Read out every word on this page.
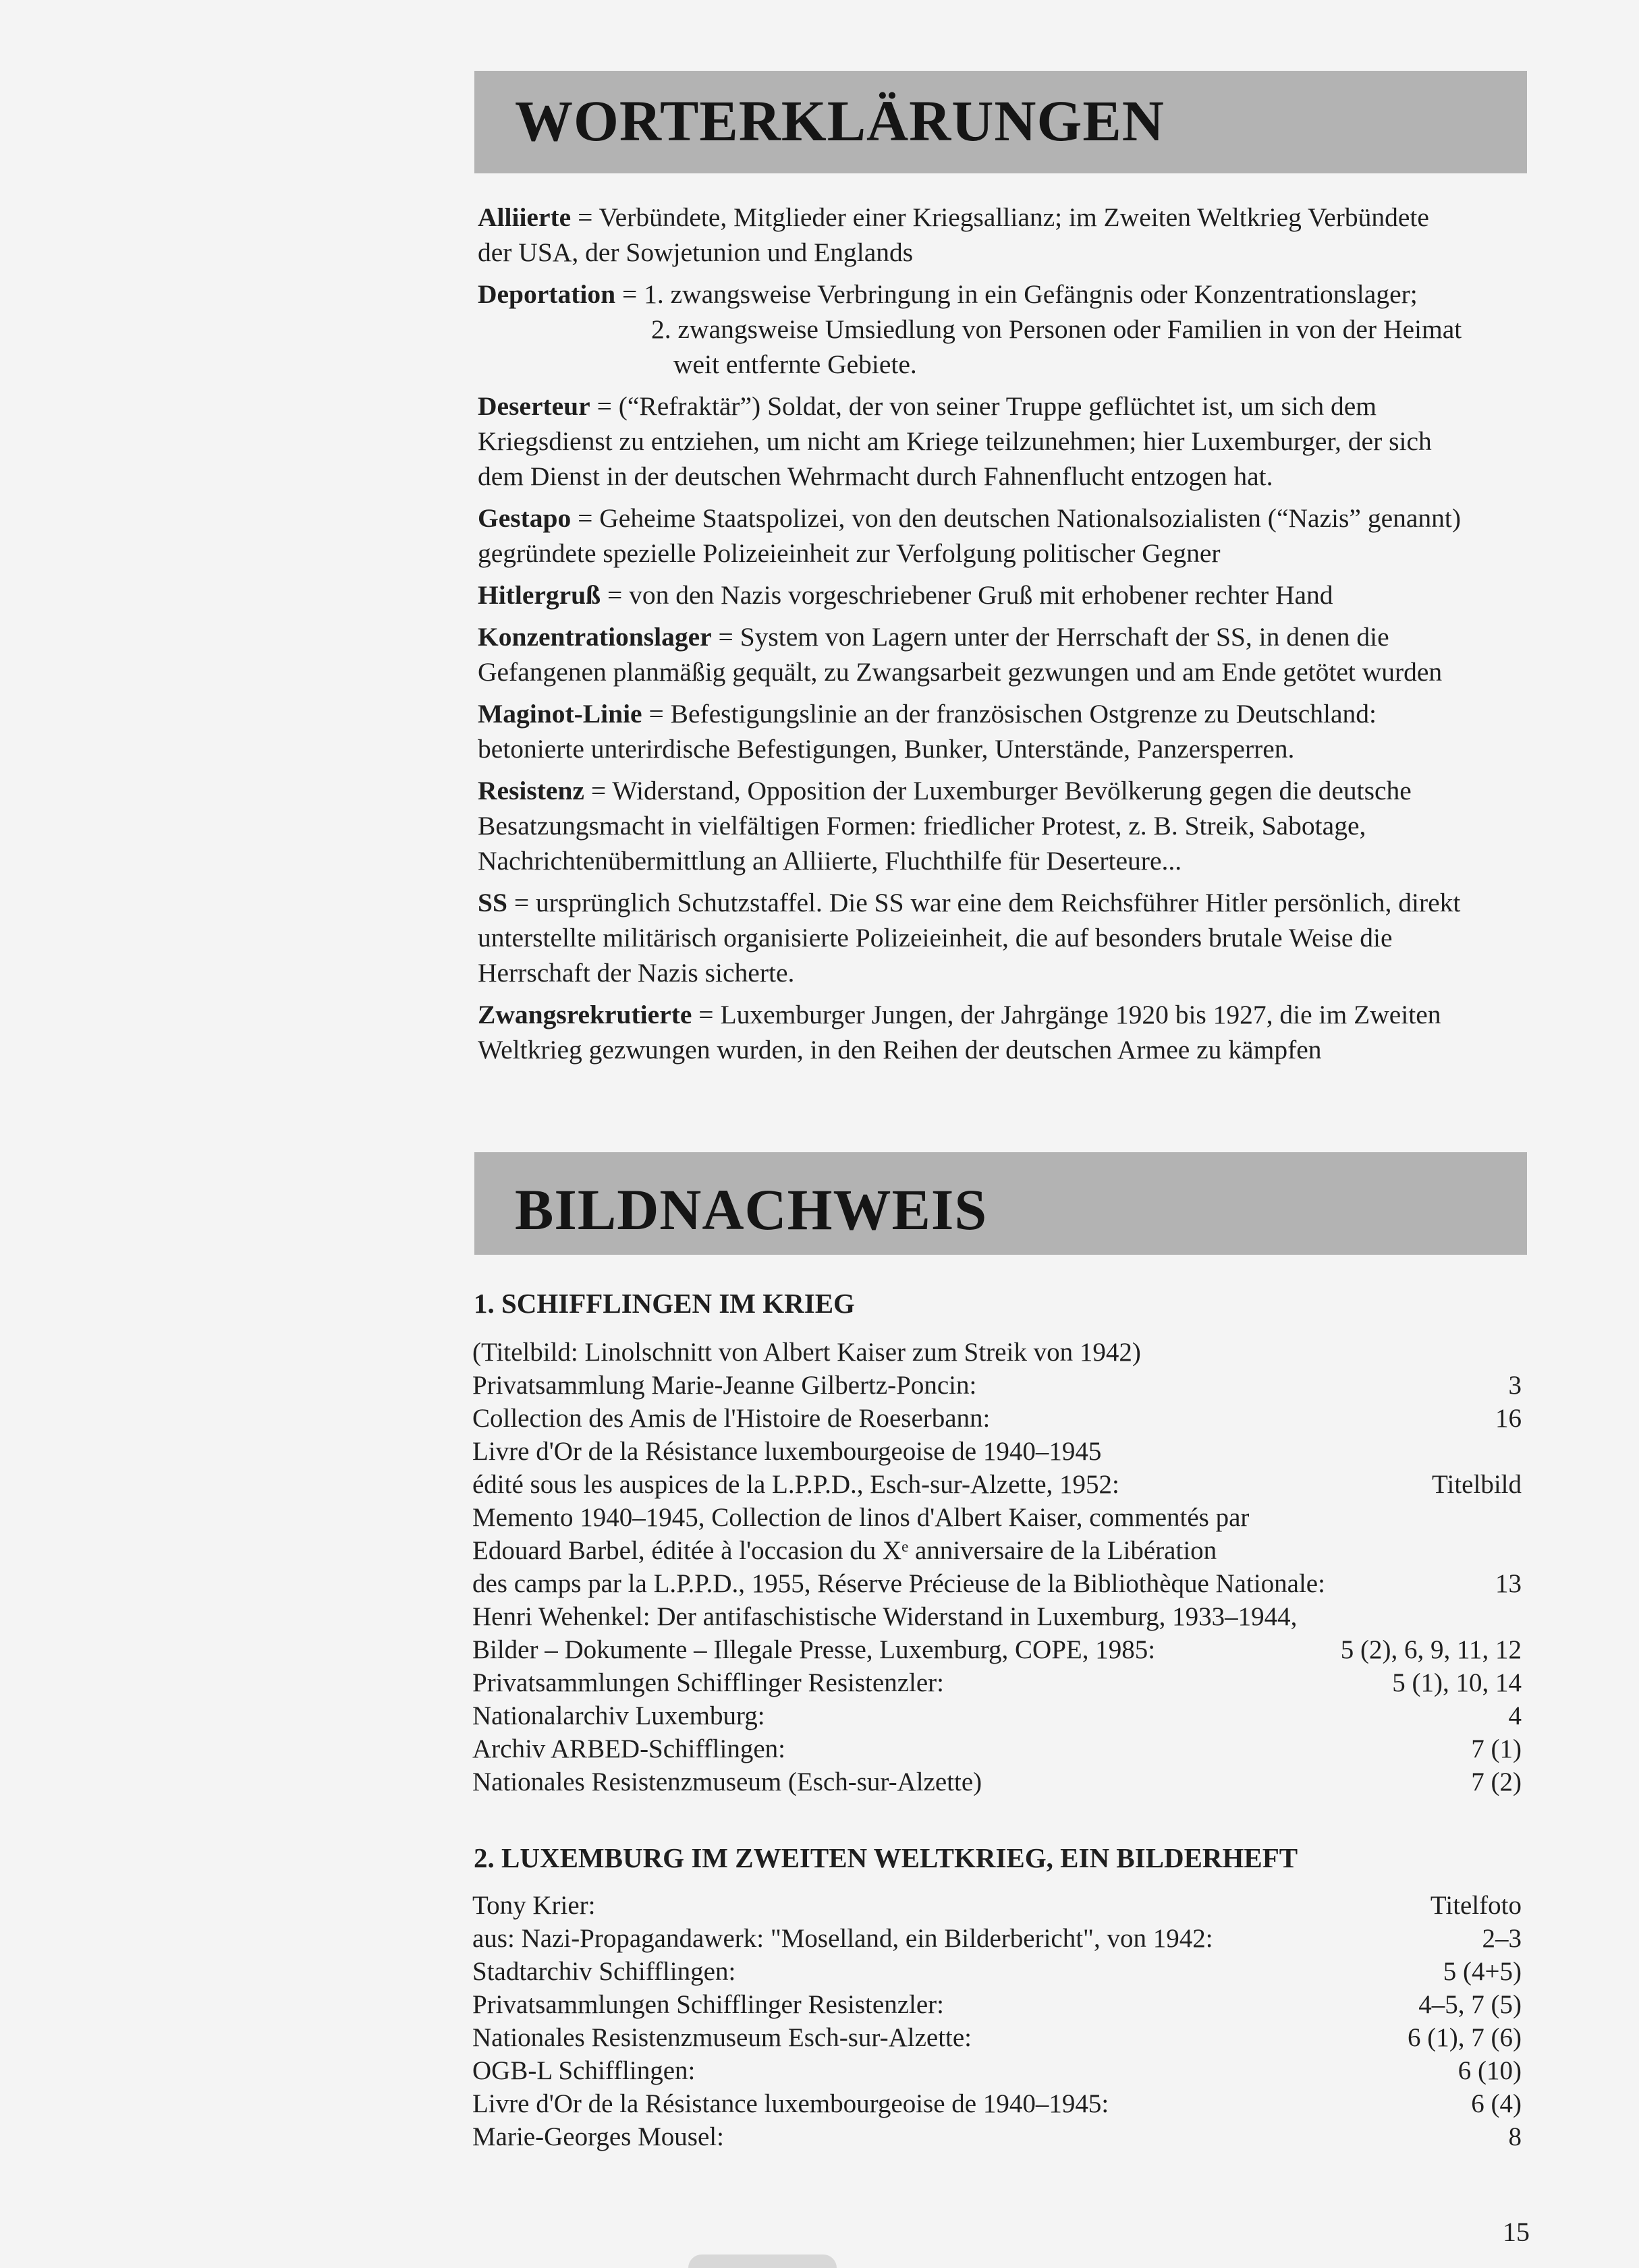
WORTERKLÄRUNGEN
Alliierte = Verbündete, Mitglieder einer Kriegsallianz; im Zweiten Weltkrieg Verbündete
der USA, der Sowjetunion und Englands
Deportation = 1. zwangsweise Verbringung in ein Gefängnis oder Konzentrationslager;
2. zwangsweise Umsiedlung von Personen oder Familien in von der Heimat
weit entfernte Gebiete.
Deserteur = (“Refraktär”) Soldat, der von seiner Truppe geflüchtet ist, um sich dem
Kriegsdienst zu entziehen, um nicht am Kriege teilzunehmen; hier Luxemburger, der sich
dem Dienst in der deutschen Wehrmacht durch Fahnenflucht entzogen hat.
Gestapo = Geheime Staatspolizei, von den deutschen Nationalsozialisten (“Nazis” genannt)
gegründete spezielle Polizeieinheit zur Verfolgung politischer Gegner
Hitlergruß = von den Nazis vorgeschriebener Gruß mit erhobener rechter Hand
Konzentrationslager = System von Lagern unter der Herrschaft der SS, in denen die
Gefangenen planmäßig gequält, zu Zwangsarbeit gezwungen und am Ende getötet wurden
Maginot-Linie = Befestigungslinie an der französischen Ostgrenze zu Deutschland:
betonierte unterirdische Befestigungen, Bunker, Unterstände, Panzersperren.
Resistenz = Widerstand, Opposition der Luxemburger Bevölkerung gegen die deutsche
Besatzungsmacht in vielfältigen Formen: friedlicher Protest, z. B. Streik, Sabotage,
Nachrichtenübermittlung an Alliierte, Fluchthilfe für Deserteure...
SS = ursprünglich Schutzstaffel. Die SS war eine dem Reichsführer Hitler persönlich, direkt
unterstellte militärisch organisierte Polizeieinheit, die auf besonders brutale Weise die
Herrschaft der Nazis sicherte.
Zwangsrekrutierte = Luxemburger Jungen, der Jahrgänge 1920 bis 1927, die im Zweiten
Weltkrieg gezwungen wurden, in den Reihen der deutschen Armee zu kämpfen
BILDNACHWEIS
1. SCHIFFLINGEN IM KRIEG
(Titelbild: Linolschnitt von Albert Kaiser zum Streik von 1942)
Privatsammlung Marie-Jeanne Gilbertz-Poncin:	3
Collection des Amis de l'Histoire de Roeserbann:	16
Livre d'Or de la Résistance luxembourgeoise de 1940–1945
édité sous les auspices de la L.P.P.D., Esch-sur-Alzette, 1952:	Titelbild
Memento 1940–1945, Collection de linos d'Albert Kaiser, commentés par
Edouard Barbel, éditée à l'occasion du Xᵉ anniversaire de la Libération
des camps par la L.P.P.D., 1955, Réserve Précieuse de la Bibliothèque Nationale:	13
Henri Wehenkel: Der antifaschistische Widerstand in Luxemburg, 1933–1944,
Bilder – Dokumente – Illegale Presse, Luxemburg, COPE, 1985:	5 (2), 6, 9, 11, 12
Privatsammlungen Schifflinger Resistenzler:	5 (1), 10, 14
Nationalarchiv Luxemburg:	4
Archiv ARBED-Schifflingen:	7 (1)
Nationales Resistenzmuseum (Esch-sur-Alzette)	7 (2)
2. LUXEMBURG IM ZWEITEN WELTKRIEG, EIN BILDERHEFT
Tony Krier:	Titelfoto
aus: Nazi-Propagandawerk: "Moselland, ein Bilderbericht", von 1942:	2–3
Stadtarchiv Schifflingen:	5 (4+5)
Privatsammlungen Schifflinger Resistenzler:	4–5, 7 (5)
Nationales Resistenzmuseum Esch-sur-Alzette:	6 (1), 7 (6)
OGB-L Schifflingen:	6 (10)
Livre d'Or de la Résistance luxembourgeoise de 1940–1945:	6 (4)
Marie-Georges Mousel:	8
15
